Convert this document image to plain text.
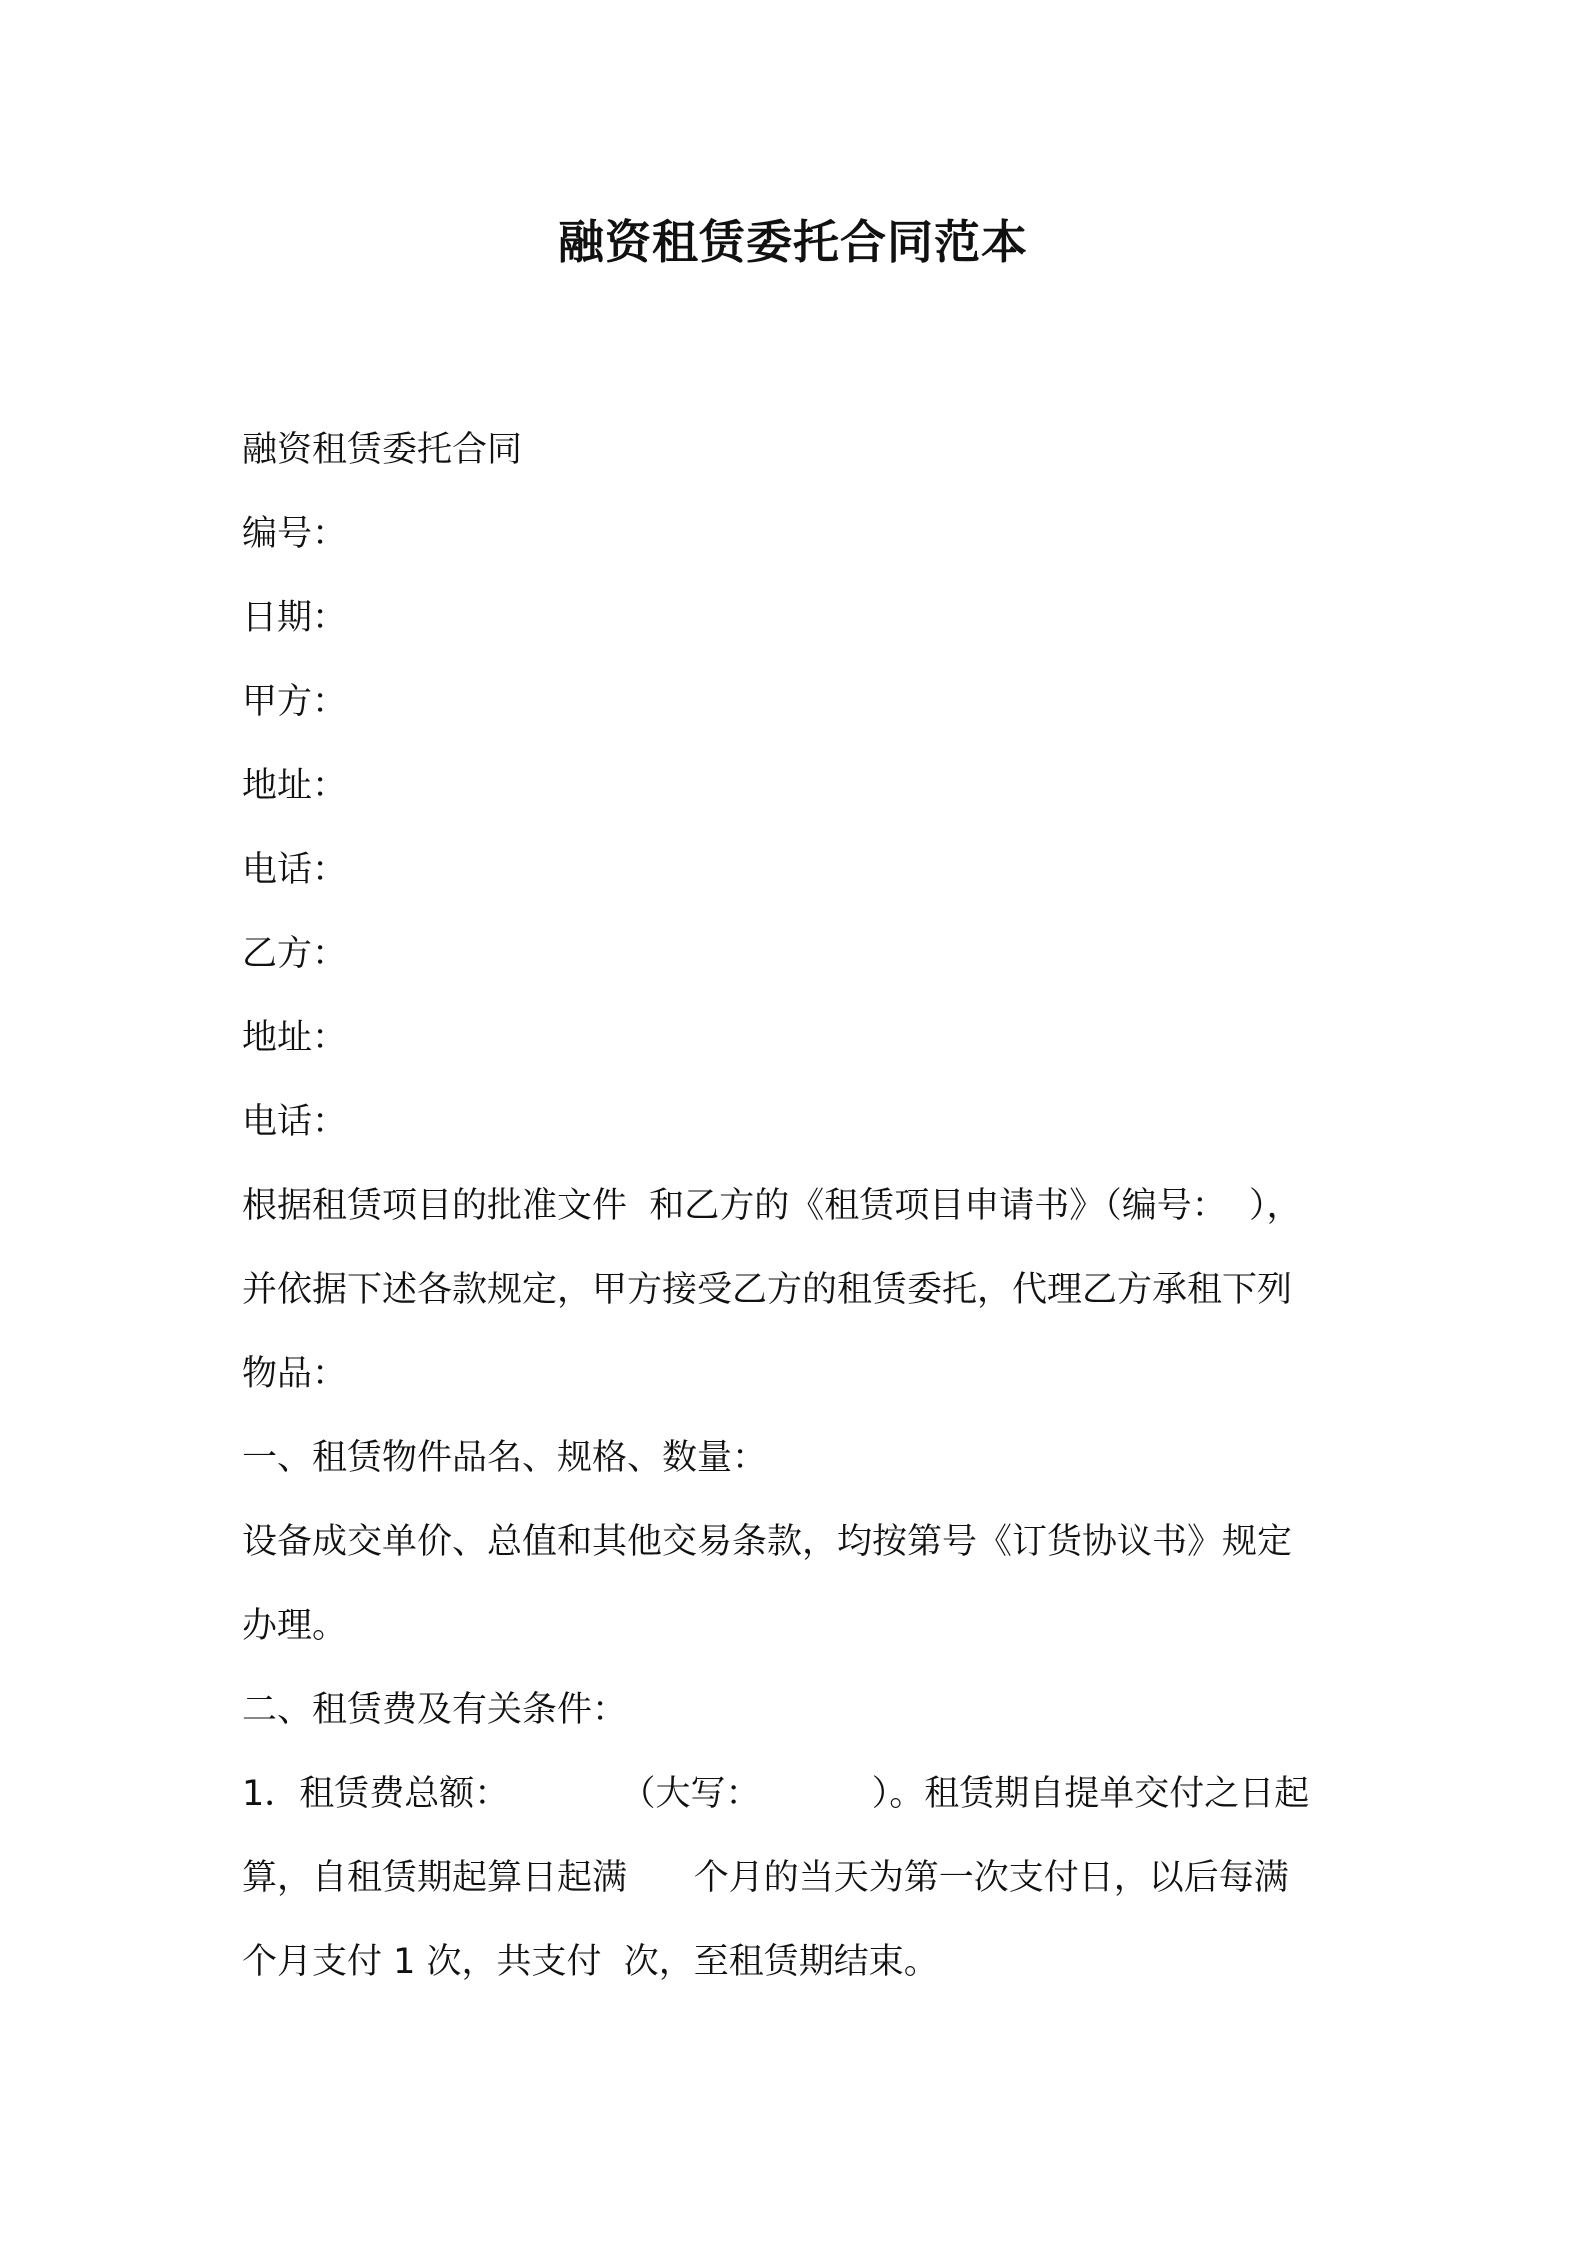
融资租赁委托合同范本

融资租赁委托合同

编号：

日期：

甲方：

地址：

电话：

乙方：

地址：

电话：

根据租赁项目的批准文件  和乙方的《租赁项目申请书》（编号：  ），

并依据下述各款规定，甲方接受乙方的租赁委托，代理乙方承租下列

物品：

一、租赁物件品名、规格、数量：

设备成交单价、总值和其他交易条款，均按第号《订货协议书》规定

办理。

二、租赁费及有关条件：

1．租赁费总额：          （大写：          ）。租赁期自提单交付之日起

算，自租赁期起算日起满      个月的当天为第一次支付日，以后每满

个月支付 1 次，共支付  次，至租赁期结束。
